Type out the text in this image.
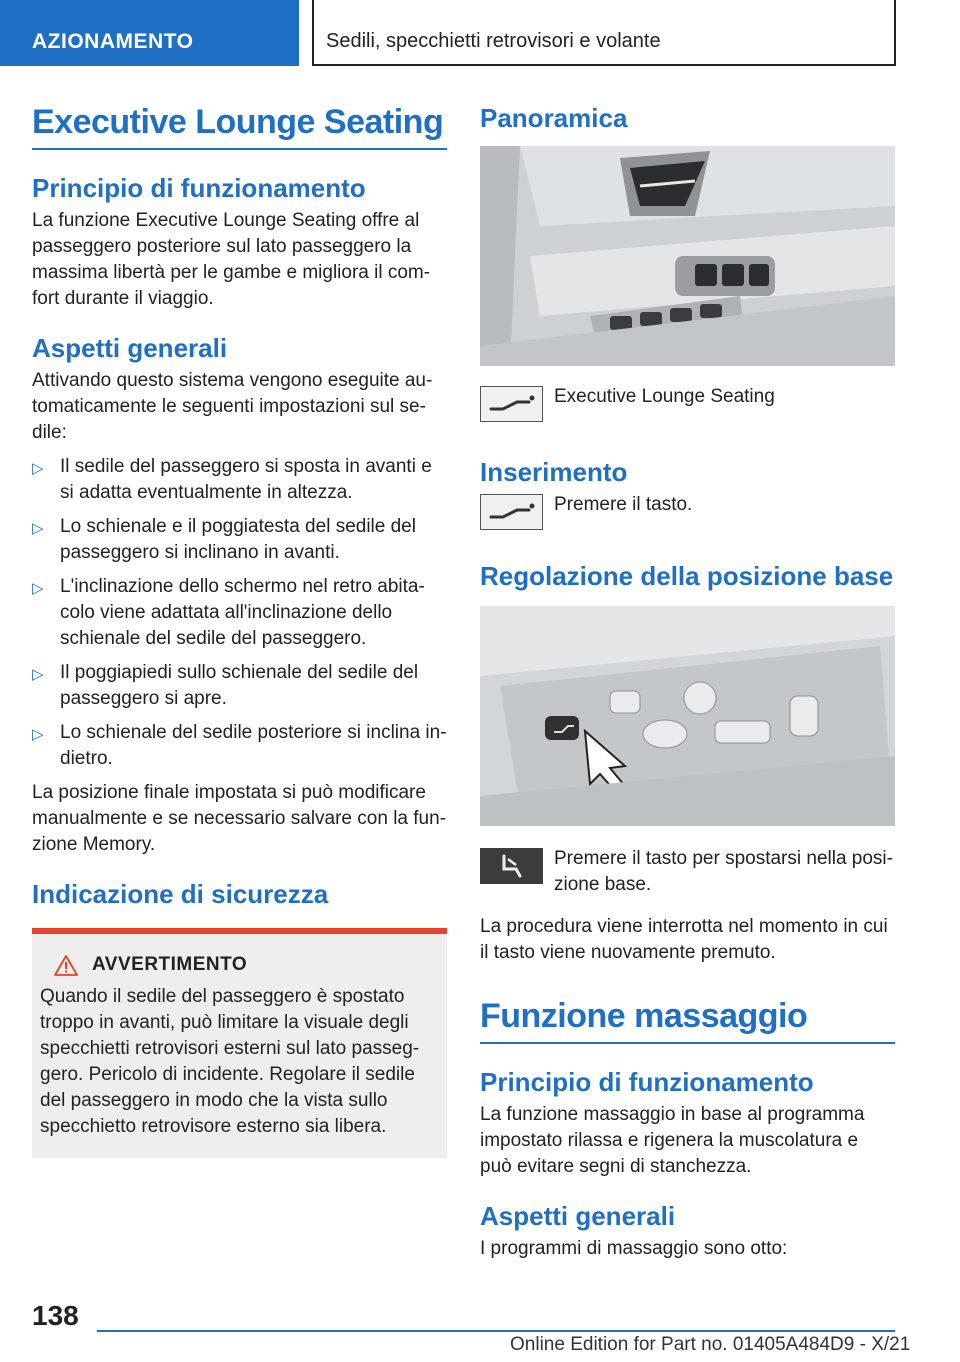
AZIONAMENTO	Sedili, specchietti retrovisori e volante
Executive Lounge Seating
Principio di funzionamento

La funzione Executive Lounge Seating offre al passeggero posteriore sul lato passeggero la massima libertà per le gambe e migliora il comfort durante il viaggio.

Aspetti generali

Attivando questo sistema vengono eseguite automaticamente le seguenti impostazioni sul sedile:

▷ Il sedile del passeggero si sposta in avanti e si adatta eventualmente in altezza.
▷ Lo schienale e il poggiatesta del sedile del passeggero si inclinano in avanti.
▷ L'inclinazione dello schermo nel retro abitacolo viene adattata all'inclinazione dello schienale del sedile del passeggero.
▷ Il poggiapiedi sullo schienale del sedile del passeggero si apre.
▷ Lo schienale del sedile posteriore si inclina indietro.

La posizione finale impostata si può modificare manualmente e se necessario salvare con la funzione Memory.

Indicazione di sicurezza
AVVERTIMENTO

Quando il sedile del passeggero è spostato troppo in avanti, può limitare la visuale degli specchietti retrovisori esterni sul lato passeggero. Pericolo di incidente. Regolare il sedile del passeggero in modo che la vista sullo specchietto retrovisore esterno sia libera.

Panoramica

Executive Lounge Seating

Inserimento

Premere il tasto.

Regolazione della posizione base

Premere il tasto per spostarsi nella posizione base.

La procedura viene interrotta nel momento in cui il tasto viene nuovamente premuto.

Funzione massaggio
Principio di funzionamento

La funzione massaggio in base al programma impostato rilassa e rigenera la muscolatura e può evitare segni di stanchezza.

Aspetti generali

I programmi di massaggio sono otto:

138
Online Edition for Part no. 01405A484D9 - X/21
